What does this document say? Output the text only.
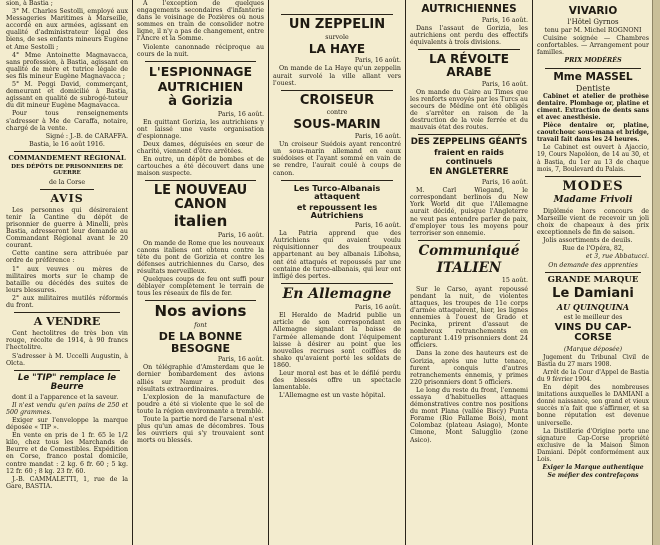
sion, à Bastia ;

3° M. Charles Sestolli, employé aux Messageries Maritimes à Marseille, accordé en aux armées, agissant en qualité d'administrateur légal des biens, de ses enfants mineurs Eugène et Ame Sestolli ;

4° Mme Antoinette Magnavacca, sans profession, à Bastia, agissant en qualité de mère et tutrice légale de ses fils mineur Eugène Magnavacca ;

5° M. Peggi David, commerçant, demeurant et domicilié à Bastia, agissant en qualité de subrogé-tuteur du dit mineur Eugène Magnavacca.

Pour tous renseignements s'adresser à Me de Caraffa, notaire, chargé de la vente.

Signé : J.-B. de CARAFFA.

Bastia, le 16 août 1916.

COMMANDEMENT RÉGIONAL
DES DÉPÔTS DE PRISONNIERS DE GUERRE
de la Corse
AVIS

Les personnes qui désireraient tenir la Cantine du dépôt de prisonnier de guerre à Minelli, près Bastia, adresseront leur demande au Commandant Régional avant le 20 courant.

Cette cantine sera attribuée par ordre de préférence :

1° aux veuves ou mères de militaires morts sur le champ de bataille ou décédés des suites de leurs blessures.

2° aux militaires mutilés réformés du front.

A VENDRE

Cent hectolitres de très bon vin rouge, récolte de 1914, à 90 francs l'hectolitre.

S'adresser à M. Uccelli Augustin, à Olcta.

Le "TIP" remplace le Beurre

dont il a l'apparence et la saveur.

Il n'est vendu qu'en pains de 250 et 500 grammes.

Exiger sur l'enveloppe la marque déposée « TIP ».

En vente en pris de 1 fr. 65 le 1/2 kilo, chez tous les Marchands de Beurre et de Comestibles. Expédition en Corse, franco postal domicile, contre mandat : 2 kg. 6 fr. 60 ; 5 kg. 12 fr. 60 ; 8 kg. 23 fr. 60.

J.-B. CAMMALETTI, 1, rue de la Gare, BASTIA.

A l'exception de quelques engagements secondaires d'infanterie dans le voisinage de Pozières où nous sommes en train de consolider notre ligne, il n'y a pas de changement, entre l'Ancre et la Somme.

Violente canonnade réciproque au cours de la nuit.

L'ESPIONNAGE
AUTRICHIEN
à Gorizia

Paris, 16 août.

En quittant Gorizia, les autrichiens y ont laissé une vaste organisation d'espionnage.

Deux dames, déguisées en sœur de charité, viennent d'être arrêtées.

En outre, un dépôt de bombes et de cartouches a été découvert dans une maison suspecte.

LE NOUVEAU CANON
italien

Paris, 16 août.

On mande de Rome que les nouveaux canons italiens ont obtenu contre la tête du pont de Gorizia et contre les défenses autrichiennes du Carso, des résultats merveilleux.

Quelques coups de feu ont suffi pour déblayer complètement le terrain de tous les réseaux de fils de fer.

Nos avions
font
DE LA BONNE BESOGNE

Paris, 16 août.

On télégraphie d'Amsterdam que le dernier bombardement des avions alliés sur Namur a produit des résultats extraordinaires.

L'explosion de la manufacture de poudre a été si violente que le sol de toute la région environnante a tremblé.

Toute la partie nord de l'arsenal n'est plus qu'un amas de décombres. Tous les ouvriers qui s'y trouvaient sont morts ou blessés.

UN ZEPPELIN
survole
LA HAYE

Paris, 16 août.

On mande de La Haye qu'un zeppelin aurait survolé la ville allant vers l'ouest.

CROISEUR
contre
SOUS-MARIN

Paris, 16 août.

Un croiseur Suédois ayant rencontré un sous-marin allemand en eaux suédoises et l'ayant sommé en vain de se rendre, l'aurait coulé à coups de canon.

Les Turco-Albanais attaquent
et repoussent les Autrichiens

Paris, 16 août.

La Patria apprend que des Autrichiens qui avaient voulu réquisitionner des troupeaux appartenant au bey albanais Libohsa, ont été attaqués et repoussés par une centaine de turco-albanais, qui leur ont infligé des pertes.

En Allemagne

Paris, 16 août.

El Heraldo de Madrid publie un article de son correspondant en Allemagne signalant la baisse de l'armée allemande dont l'équipement laisse à désirer au point que les nouvelles recrues sont coiffées de shako qu'avaient porté les soldats de 1860.

Leur moral est bas et le défilé perdu des blessés offre un spectacle lamentable.

L'Allemagne est un vaste hôpital.

AUTRICHIENNES

Paris, 16 août.

Dans l'assaut de Gorizia, les autrichiens ont perdu des effectifs équivalents à trois divisions.

LA RÉVOLTE ARABE

Paris, 16 août.

On mande du Caire au Times que les renforts envoyés par les Turcs au secours de Médine ont été obligés de s'arrêter en raison de la destruction de la voie ferrée et du mauvais état des routes.

DES ZEPPELINS GÉANTS
fraient en raids continuels
EN ANGLETERRE

Paris, 16 août.

M. Carl Wiegand, le correspondant berlinois du New York World dit que l'Allemagne aurait décidé, puisque l'Angleterre ne veut pas entendre parler de paix, d'employer tous les moyens pour terroriser son ennemie.

Communiqué
ITALIEN

15 août.

Sur le Carso, ayant repoussé pendant la nuit, de violentes attaques, les troupes de 11e corps d'armée attaquèrent, hier, les lignes ennemies à l'ouest de Grado et Pecinka, prirent d'assaut de nombreux retranchements en capturant 1.419 prisonniers dont 24 officiers.

Dans la zone des hauteurs est de Gorizia, après une lutte tenace, furent conquis d'autres retranchements ennemis, y primes 220 prisonniers dont 5 officiers.

Le long du reste du front, l'ennemi essaya d'habituelles attaques démonstratives contre nos positions du mont Plana (vallée Biscy) Punta Forame (Rio Fallame Bois), mont Colombaz (plateau Asiago), Monte Cimone, Mont Salugglio (zone Asico).

VIVARIO
l'Hôtel Gyrnos
tenu par M. Michel ROGNONI

Cuisine soignée — Chambres confortables. — Arrangement pour familles.

PRIX MODÉRÉS
Mme MASSEL
Dentiste

Cabinet et atelier de prothèse dentaire. Plombage or, platine et ciment. Extraction de dents sans et avec anesthésie.

Pièce dentaire or, platine, caoutchouc sous-mana et bridge, travail fait dans les 24 heures.

Le Cabinet est ouvert à Ajaccio, 19, Cours Napoléon, de 14 au 30, et à Bastia, du 1er au 13 de chaque mois, 7, Boulevard du Palais.

MODES
Madame Frivoli

Diplômée hors concours de Marseille vient de recevoir un joli choix de chapeaux à des prix exceptionnels de fin de saison.

Jolis assortiments de deuils.

Rue de l'Opéra, 82,

et 3, rue Abbatucci.

On demande des apprenties

GRANDE MARQUE
Le Damiani
AU QUINQUINA
est le meilleur des
VINS DU CAP-CORSE
(Marque déposée)

Jugement du Tribunal Civil de Bastia du 27 mars 1908.

Arrêt de la Cour d'Appel de Bastia du 9 février 1904.

En dépit des nombreuses imitations auxquelles le DAMIANI a donné naissance, son grand et vieux succès n'a fait que s'affirmer, et sa bonne réputation est devenue universelle.

La Distillerie d'Origine porte une signature Cap-Corse propriété exclusive de la Maison Simon Damiani. Dépôt conformément aux Lois.

Exiger la Marque authentique

Se méfier des contrefaçons
